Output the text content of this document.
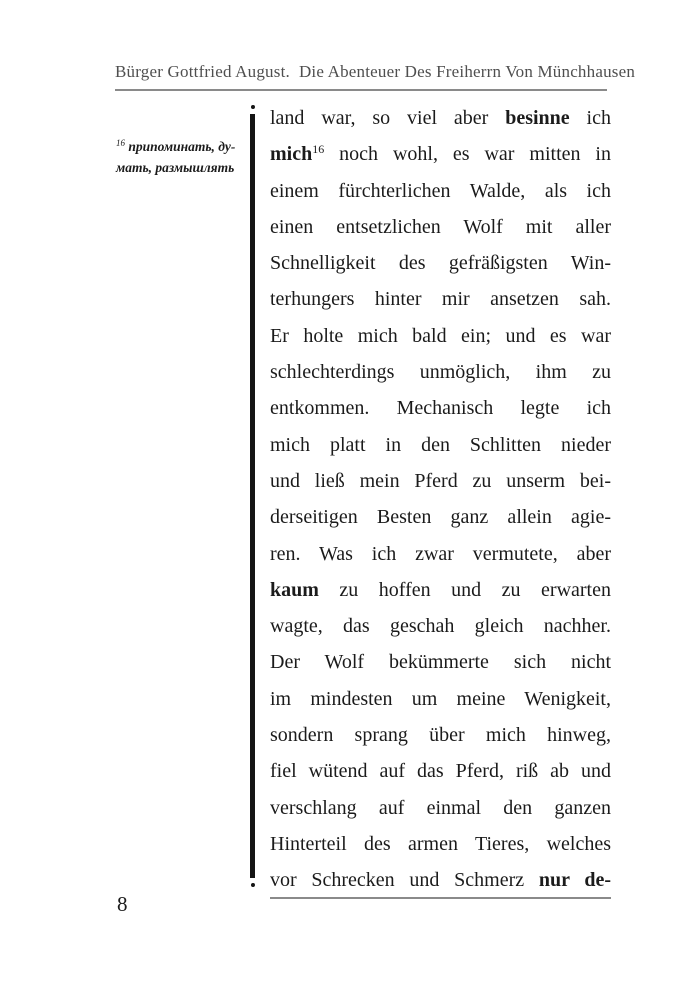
Bürger Gottfried August. Die Abenteuer Des Freiherrn Von Münchhausen
$^{16}$ припоминать, ду-
мать, размышлять
land war, so viel aber besinne ich
mich$^{16}$ noch wohl, es war mitten in
einem fürchterlichen Walde, als ich
einen entsetzlichen Wolf mit aller
Schnelligkeit des gefräßigsten Win-
terhungers hinter mir ansetzen sah.
Er holte mich bald ein; und es war
schlechterdings unmöglich, ihm zu
entkommen. Mechanisch legte ich
mich platt in den Schlitten nieder
und ließ mein Pferd zu unserm bei-
derseitigen Besten ganz allein agie-
ren. Was ich zwar vermutete, aber
kaum zu hoffen und zu erwarten
wagte, das geschah gleich nachher.
Der Wolf bekümmerte sich nicht
im mindesten um meine Wenigkeit,
sondern sprang über mich hinweg,
fiel wütend auf das Pferd, riß ab und
verschlang auf einmal den ganzen
Hinterteil des armen Tieres, welches
vor Schrecken und Schmerz nur de-
8
